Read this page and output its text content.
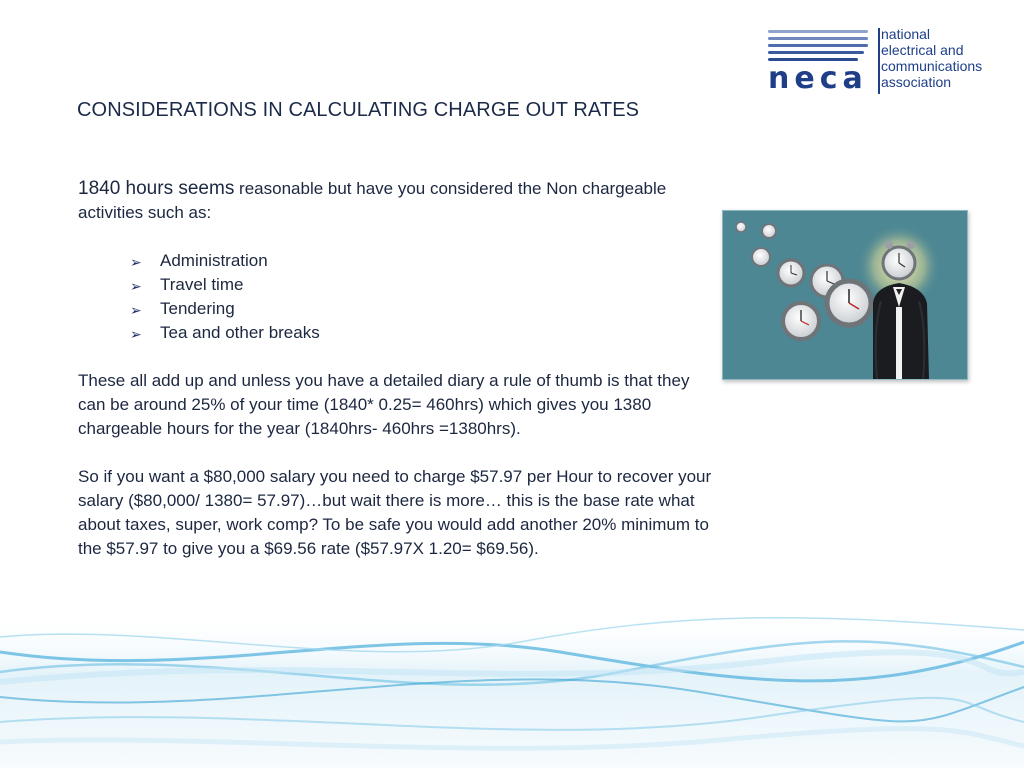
neca
national
electrical and
communications
association
CONSIDERATIONS IN CALCULATING CHARGE OUT RATES
1840 hours seems reasonable but have you considered the Non chargeable activities such as:
➢ Administration
➢ Travel time
➢ Tendering
➢ Tea and other breaks

These all add up and unless you have a detailed diary a rule of thumb is that they can be around 25% of your time (1840* 0.25= 460hrs) which gives you 1380 chargeable hours for the year (1840hrs- 460hrs =1380hrs).

So if you want a $80,000 salary you need to charge $57.97 per Hour to recover your salary ($80,000/ 1380= 57.97)…but wait there is more… this is the base rate what about taxes, super, work comp? To be safe you would add another 20% minimum to the $57.97 to give you a $69.56 rate ($57.97X 1.20= $69.56).
